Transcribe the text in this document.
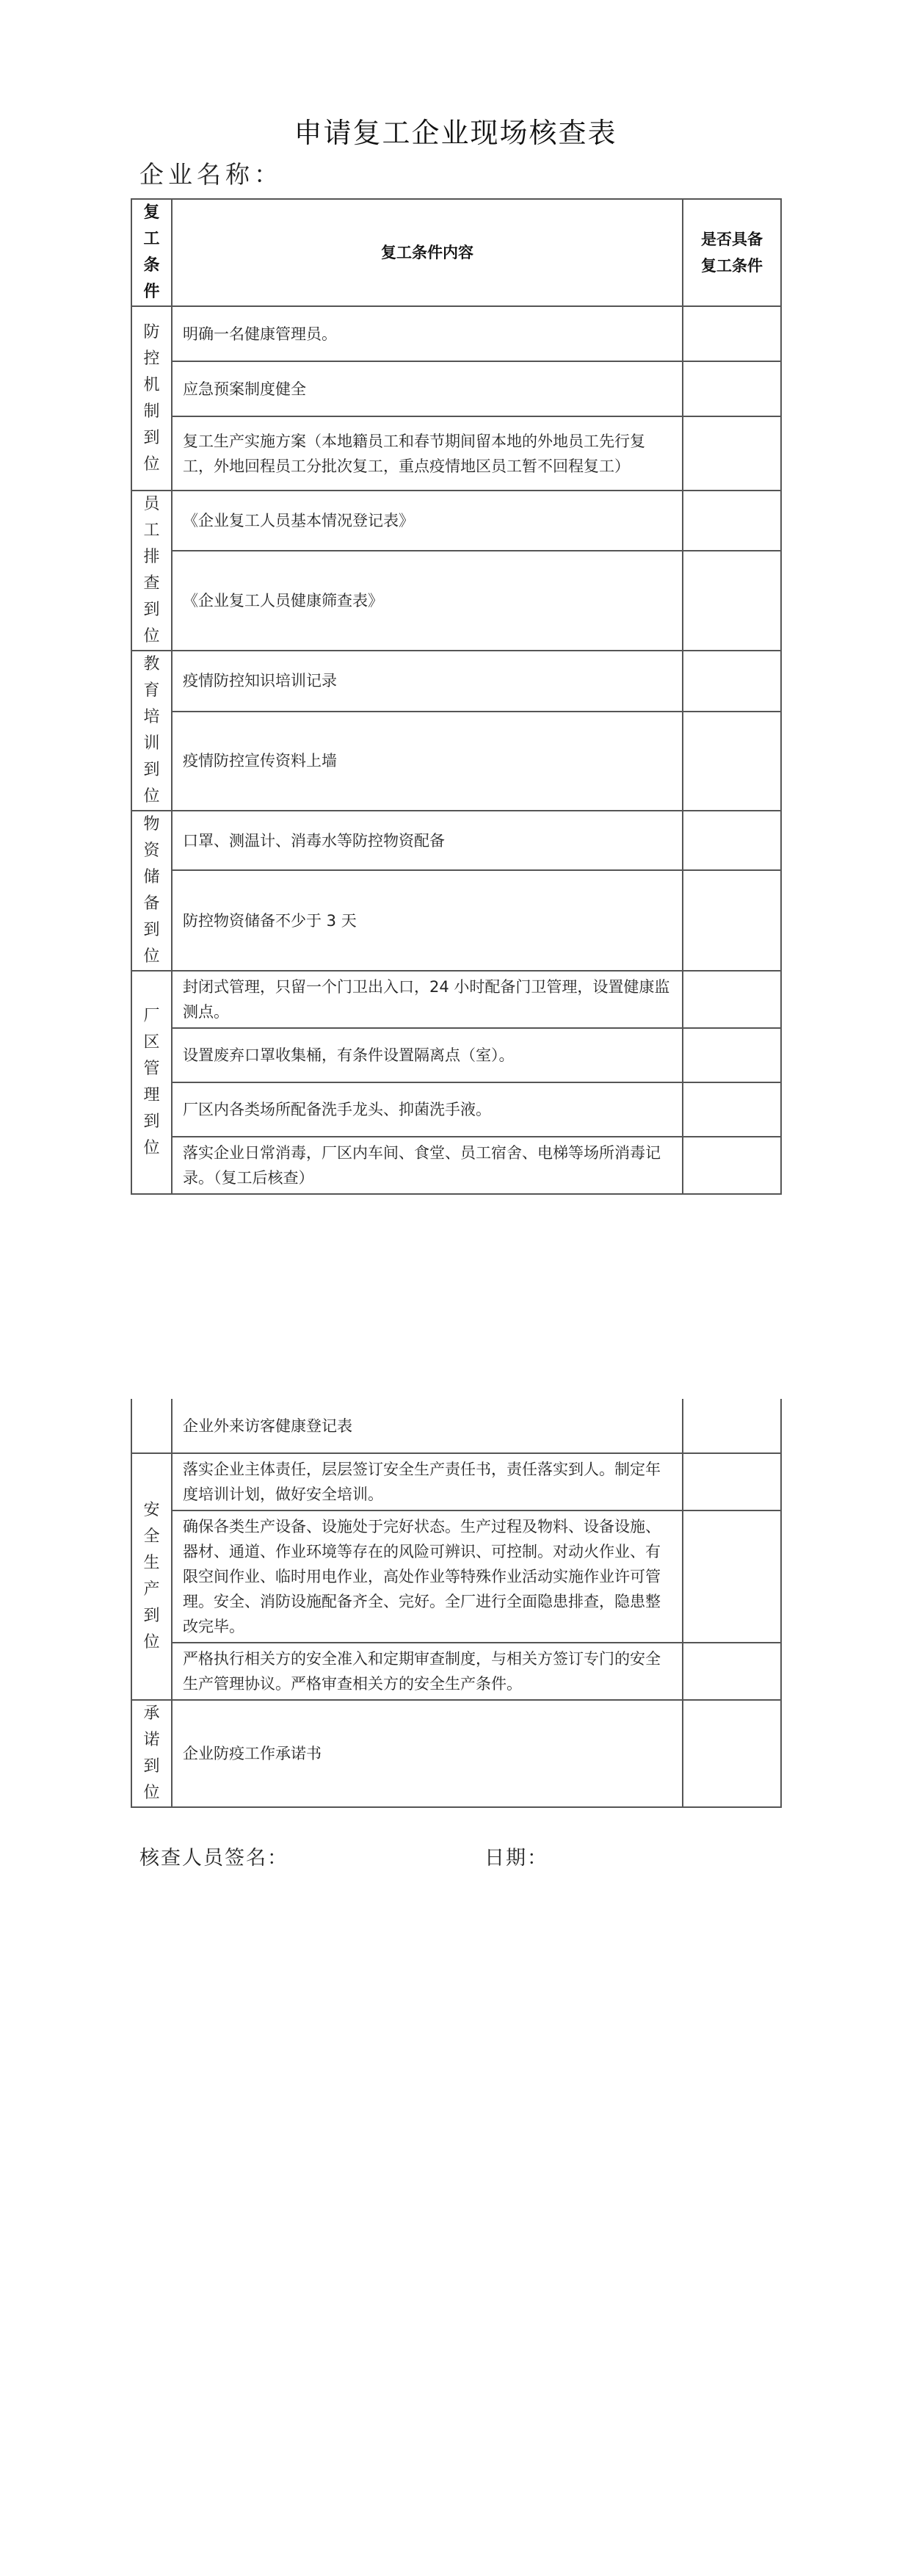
申请复工企业现场核查表
企业名称：
复工条件	复工条件内容	是否具备复工条件

防控机制到位	明确一名健康管理员。	
	应急预案制度健全	
	复工生产实施方案（本地籍员工和春节期间留本地的外地员工先行复工，外地回程员工分批次复工，重点疫情地区员工暂不回程复工）	
员工排查到位	《企业复工人员基本情况登记表》	
	《企业复工人员健康筛查表》	
教育培训到位	疫情防控知识培训记录	
	疫情防控宣传资料上墙	
物资储备到位	口罩、测温计、消毒水等防控物资配备	
	防控物资储备不少于 3 天	
厂区管理到位	封闭式管理，只留一个门卫出入口，24 小时配备门卫管理，设置健康监测点。	
	设置废弃口罩收集桶，有条件设置隔离点（室）。	
	厂区内各类场所配备洗手龙头、抑菌洗手液。	
	落实企业日常消毒，厂区内车间、食堂、员工宿舍、电梯等场所消毒记录。（复工后核查）	
	企业外来访客健康登记表	
安全生产到位	落实企业主体责任，层层签订安全生产责任书，责任落实到人。制定年度培训计划，做好安全培训。	
	确保各类生产设备、设施处于完好状态。生产过程及物料、设备设施、器材、通道、作业环境等存在的风险可辨识、可控制。对动火作业、有限空间作业、临时用电作业，高处作业等特殊作业活动实施作业许可管理。安全、消防设施配备齐全、完好。全厂进行全面隐患排查，隐患整改完毕。	
	严格执行相关方的安全准入和定期审查制度，与相关方签订专门的安全生产管理协议。严格审查相关方的安全生产条件。	
承诺到位	企业防疫工作承诺书	
核查人员签名：	日期：
